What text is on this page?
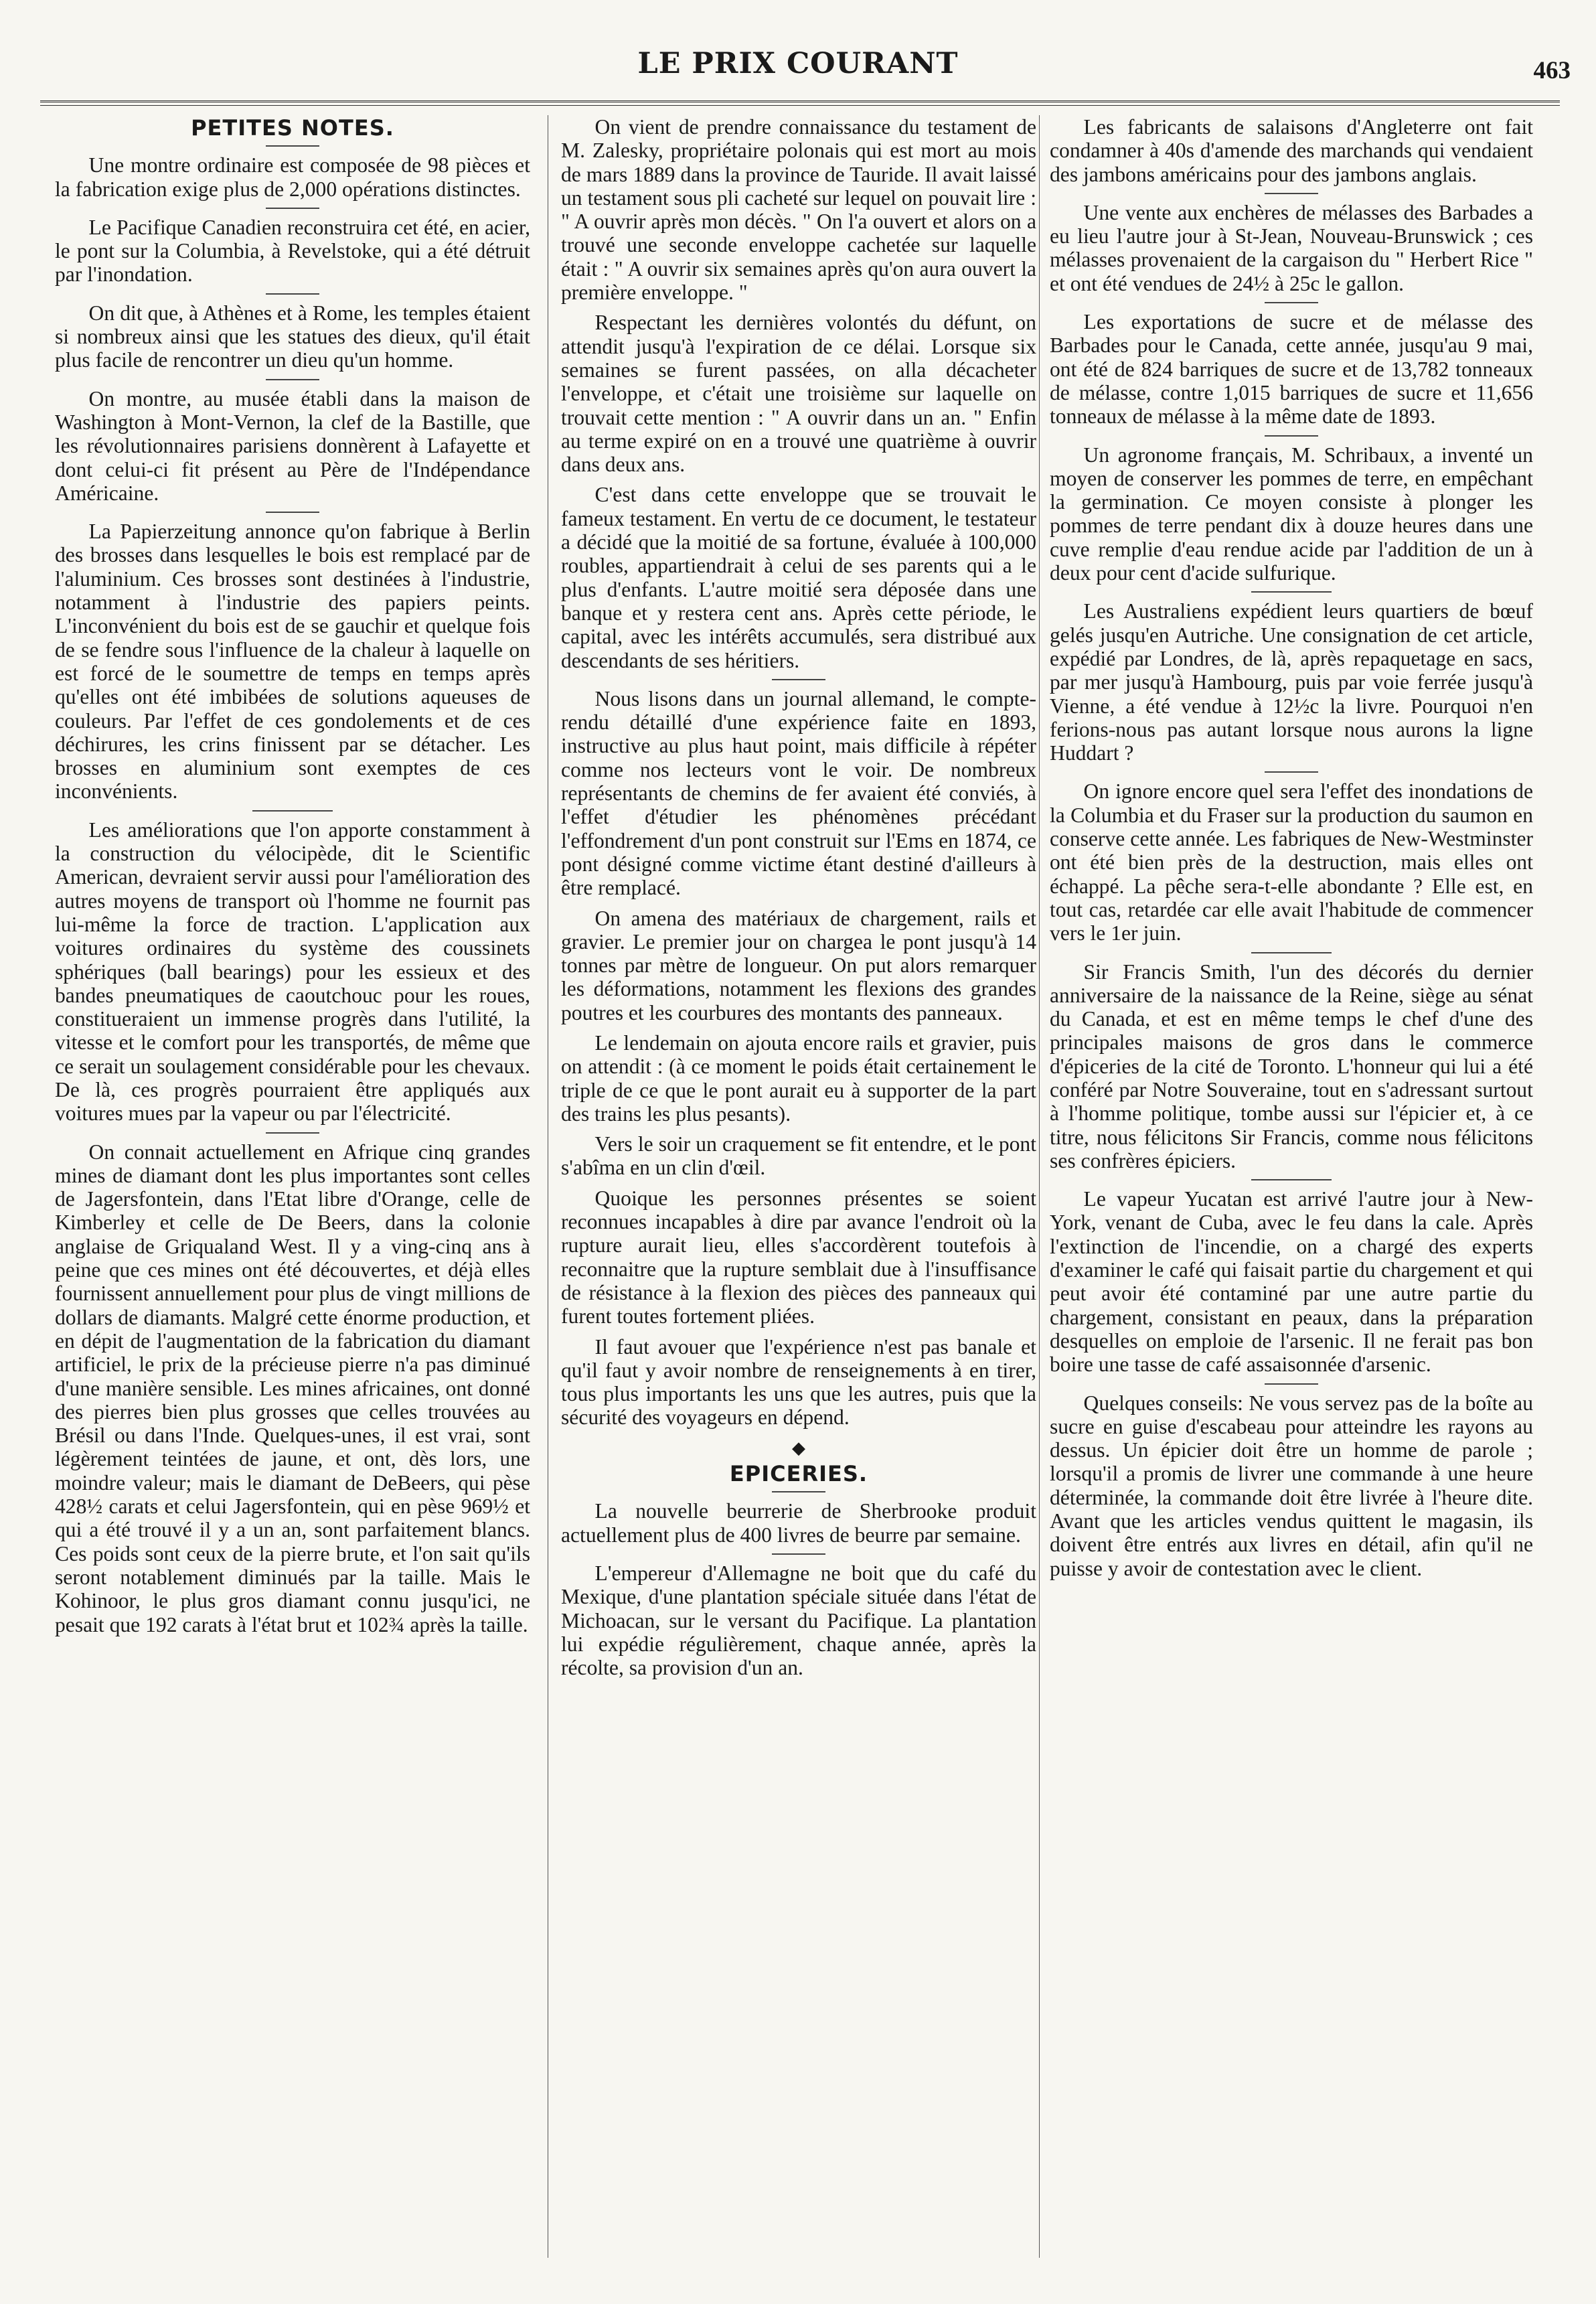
LE PRIX COURANT	463
PETITES NOTES.

Une montre ordinaire est composée de 98 pièces et la fabrication exige plus de 2,000 opérations distinctes.

Le Pacifique Canadien reconstruira cet été, en acier, le pont sur la Columbia, à Revelstoke, qui a été détruit par l'inondation.

On dit que, à Athènes et à Rome, les temples étaient si nombreux ainsi que les statues des dieux, qu'il était plus facile de rencontrer un dieu qu'un homme.

On montre, au musée établi dans la maison de Washington à Mont-Vernon, la clef de la Bastille, que les révolutionnaires parisiens donnèrent à Lafayette et dont celui-ci fit présent au Père de l'Indépendance Américaine.

La Papierzeitung annonce qu'on fabrique à Berlin des brosses dans lesquelles le bois est remplacé par de l'aluminium. Ces brosses sont destinées à l'industrie, notamment à l'industrie des papiers peints. L'inconvénient du bois est de se gauchir et quelque fois de se fendre sous l'influence de la chaleur à laquelle on est forcé de le soumettre de temps en temps après qu'elles ont été imbibées de solutions aqueuses de couleurs. Par l'effet de ces gondolements et de ces déchirures, les crins finissent par se détacher. Les brosses en aluminium sont exemptes de ces inconvénients.

Les améliorations que l'on apporte constamment à la construction du vélocipède, dit le Scientific American, devraient servir aussi pour l'amélioration des autres moyens de transport où l'homme ne fournit pas lui-même la force de traction. L'application aux voitures ordinaires du système des coussinets sphériques (ball bearings) pour les essieux et des bandes pneumatiques de caoutchouc pour les roues, constitueraient un immense progrès dans l'utilité, la vitesse et le comfort pour les transportés, de même que ce serait un soulagement considérable pour les chevaux. De là, ces progrès pourraient être appliqués aux voitures mues par la vapeur ou par l'électricité.

On connait actuellement en Afrique cinq grandes mines de diamant dont les plus importantes sont celles de Jagersfontein, dans l'Etat libre d'Orange, celle de Kimberley et celle de De Beers, dans la colonie anglaise de Griqualand West. Il y a ving-cinq ans à peine que ces mines ont été découvertes, et déjà elles fournissent annuellement pour plus de vingt millions de dollars de diamants. Malgré cette énorme production, et en dépit de l'augmentation de la fabrication du diamant artificiel, le prix de la précieuse pierre n'a pas diminué d'une manière sensible. Les mines africaines, ont donné des pierres bien plus grosses que celles trouvées au Brésil ou dans l'Inde. Quelques-unes, il est vrai, sont légèrement teintées de jaune, et ont, dès lors, une moindre valeur; mais le diamant de DeBeers, qui pèse 428½ carats et celui Jagersfontein, qui en pèse 969½ et qui a été trouvé il y a un an, sont parfaitement blancs. Ces poids sont ceux de la pierre brute, et l'on sait qu'ils seront notablement diminués par la taille. Mais le Kohinoor, le plus gros diamant connu jusqu'ici, ne pesait que 192 carats à l'état brut et 102¾ après la taille.

On vient de prendre connaissance du testament de M. Zalesky, propriétaire polonais qui est mort au mois de mars 1889 dans la province de Tauride. Il avait laissé un testament sous pli cacheté sur lequel on pouvait lire : " A ouvrir après mon décès. " On l'a ouvert et alors on a trouvé une seconde enveloppe cachetée sur laquelle était : " A ouvrir six semaines après qu'on aura ouvert la première enveloppe. "

Respectant les dernières volontés du défunt, on attendit jusqu'à l'expiration de ce délai. Lorsque six semaines se furent passées, on alla décacheter l'enveloppe, et c'était une troisième sur laquelle on trouvait cette mention : " A ouvrir dans un an. " Enfin au terme expiré on en a trouvé une quatrième à ouvrir dans deux ans.

C'est dans cette enveloppe que se trouvait le fameux testament. En vertu de ce document, le testateur a décidé que la moitié de sa fortune, évaluée à 100,000 roubles, appartiendrait à celui de ses parents qui a le plus d'enfants. L'autre moitié sera déposée dans une banque et y restera cent ans. Après cette période, le capital, avec les intérêts accumulés, sera distribué aux descendants de ses héritiers.

Nous lisons dans un journal allemand, le compte-rendu détaillé d'une expérience faite en 1893, instructive au plus haut point, mais difficile à répéter comme nos lecteurs vont le voir. De nombreux représentants de chemins de fer avaient été conviés, à l'effet d'étudier les phénomènes précédant l'effondrement d'un pont construit sur l'Ems en 1874, ce pont désigné comme victime étant destiné d'ailleurs à être remplacé.

On amena des matériaux de chargement, rails et gravier. Le premier jour on chargea le pont jusqu'à 14 tonnes par mètre de longueur. On put alors remarquer les déformations, notamment les flexions des grandes poutres et les courbures des montants des panneaux.

Le lendemain on ajouta encore rails et gravier, puis on attendit : (à ce moment le poids était certainement le triple de ce que le pont aurait eu à supporter de la part des trains les plus pesants).

Vers le soir un craquement se fit entendre, et le pont s'abîma en un clin d'œil.

Quoique les personnes présentes se soient reconnues incapables à dire par avance l'endroit où la rupture aurait lieu, elles s'accordèrent toutefois à reconnaitre que la rupture semblait due à l'insuffisance de résistance à la flexion des pièces des panneaux qui furent toutes fortement pliées.

Il faut avouer que l'expérience n'est pas banale et qu'il faut y avoir nombre de renseignements à en tirer, tous plus importants les uns que les autres, puis que la sécurité des voyageurs en dépend.

◆
EPICERIES.

La nouvelle beurrerie de Sherbrooke produit actuellement plus de 400 livres de beurre par semaine.

L'empereur d'Allemagne ne boit que du café du Mexique, d'une plantation spéciale située dans l'état de Michoacan, sur le versant du Pacifique. La plantation lui expédie régulièrement, chaque année, après la récolte, sa provision d'un an.

Les fabricants de salaisons d'Angleterre ont fait condamner à 40s d'amende des marchands qui vendaient des jambons américains pour des jambons anglais.

Une vente aux enchères de mélasses des Barbades a eu lieu l'autre jour à St-Jean, Nouveau-Brunswick ; ces mélasses provenaient de la cargaison du " Herbert Rice " et ont été vendues de 24½ à 25c le gallon.

Les exportations de sucre et de mélasse des Barbades pour le Canada, cette année, jusqu'au 9 mai, ont été de 824 barriques de sucre et de 13,782 tonneaux de mélasse, contre 1,015 barriques de sucre et 11,656 tonneaux de mélasse à la même date de 1893.

Un agronome français, M. Schribaux, a inventé un moyen de conserver les pommes de terre, en empêchant la germination. Ce moyen consiste à plonger les pommes de terre pendant dix à douze heures dans une cuve remplie d'eau rendue acide par l'addition de un à deux pour cent d'acide sulfurique.

Les Australiens expédient leurs quartiers de bœuf gelés jusqu'en Autriche. Une consignation de cet article, expédié par Londres, de là, après repaquetage en sacs, par mer jusqu'à Hambourg, puis par voie ferrée jusqu'à Vienne, a été vendue à 12½c la livre. Pourquoi n'en ferions-nous pas autant lorsque nous aurons la ligne Huddart ?

On ignore encore quel sera l'effet des inondations de la Columbia et du Fraser sur la production du saumon en conserve cette année. Les fabriques de New-Westminster ont été bien près de la destruction, mais elles ont échappé. La pêche sera-t-elle abondante ? Elle est, en tout cas, retardée car elle avait l'habitude de commencer vers le 1er juin.

Sir Francis Smith, l'un des décorés du dernier anniversaire de la naissance de la Reine, siège au sénat du Canada, et est en même temps le chef d'une des principales maisons de gros dans le commerce d'épiceries de la cité de Toronto. L'honneur qui lui a été conféré par Notre Souveraine, tout en s'adressant surtout à l'homme politique, tombe aussi sur l'épicier et, à ce titre, nous félicitons Sir Francis, comme nous félicitons ses confrères épiciers.

Le vapeur Yucatan est arrivé l'autre jour à New-York, venant de Cuba, avec le feu dans la cale. Après l'extinction de l'incendie, on a chargé des experts d'examiner le café qui faisait partie du chargement et qui peut avoir été contaminé par une autre partie du chargement, consistant en peaux, dans la préparation desquelles on emploie de l'arsenic. Il ne ferait pas bon boire une tasse de café assaisonnée d'arsenic.

Quelques conseils: Ne vous servez pas de la boîte au sucre en guise d'escabeau pour atteindre les rayons au dessus. Un épicier doit être un homme de parole ; lorsqu'il a promis de livrer une commande à une heure déterminée, la commande doit être livrée à l'heure dite. Avant que les articles vendus quittent le magasin, ils doivent être entrés aux livres en détail, afin qu'il ne puisse y avoir de contestation avec le client.
